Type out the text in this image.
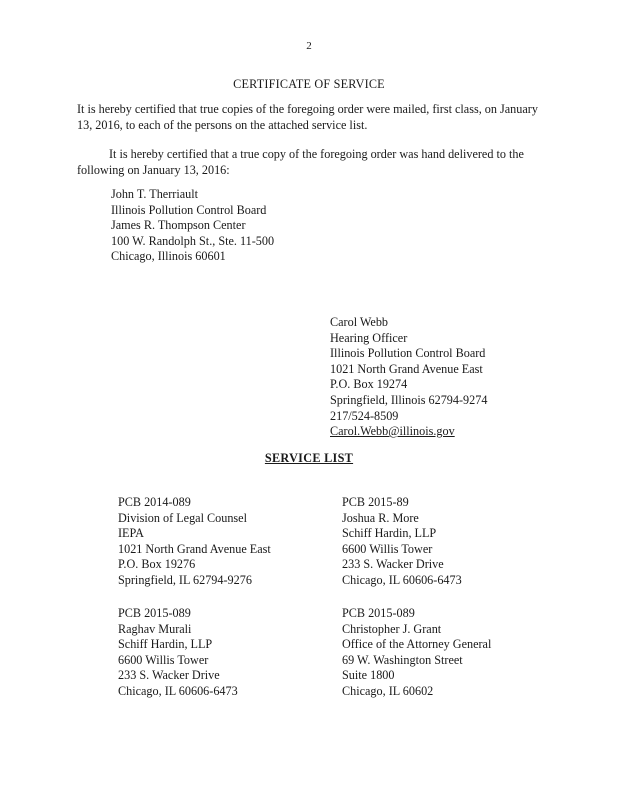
2
CERTIFICATE OF SERVICE
It is hereby certified that true copies of the foregoing order were mailed, first class, on January 13, 2016, to each of the persons on the attached service list.
It is hereby certified that a true copy of the foregoing order was hand delivered to the following on January 13, 2016:
John T. Therriault
Illinois Pollution Control Board
James R. Thompson Center
100 W. Randolph St., Ste. 11-500
Chicago, Illinois 60601
Carol Webb
Hearing Officer
Illinois Pollution Control Board
1021 North Grand Avenue East
P.O. Box 19274
Springfield, Illinois 62794-9274
217/524-8509
Carol.Webb@illinois.gov
SERVICE LIST
PCB 2014-089
Division of Legal Counsel
IEPA
1021 North Grand Avenue East
P.O. Box 19276
Springfield, IL 62794-9276
PCB 2015-89
Joshua R. More
Schiff Hardin, LLP
6600 Willis Tower
233 S. Wacker Drive
Chicago, IL 60606-6473
PCB 2015-089
Raghav Murali
Schiff Hardin, LLP
6600 Willis Tower
233 S. Wacker Drive
Chicago, IL 60606-6473
PCB 2015-089
Christopher J. Grant
Office of the Attorney General
69 W. Washington Street
Suite 1800
Chicago, IL 60602
